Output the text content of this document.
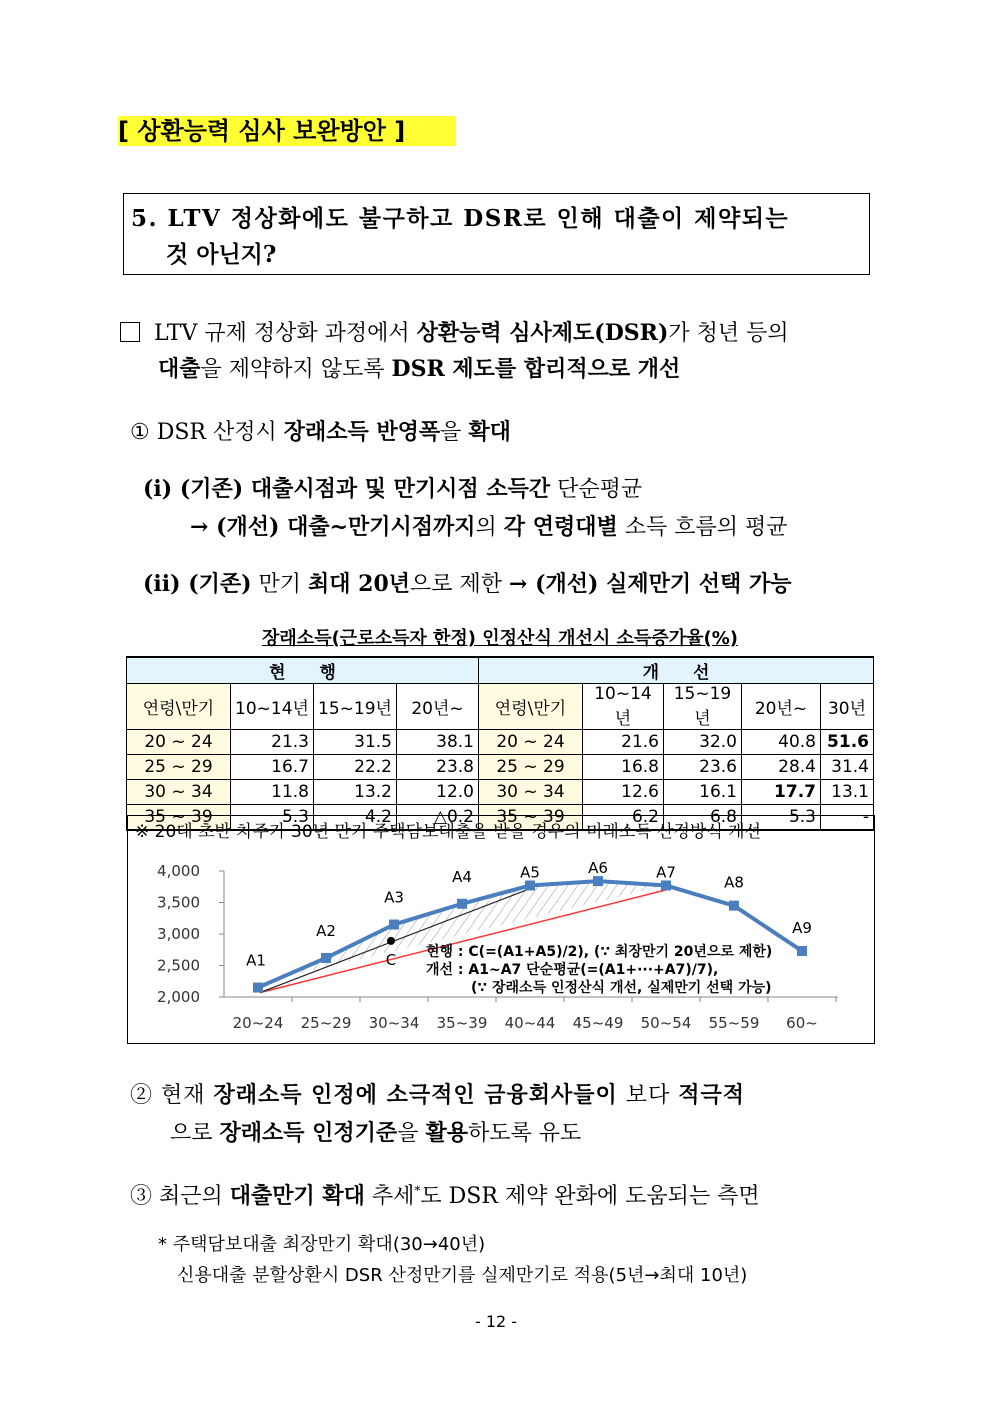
[ 상환능력 심사 보완방안 ]
5. LTV 정상화에도 불구하고 DSR로 인해 대출이 제약되는
것 아닌지?
LTV 규제 정상화 과정에서 상환능력 심사제도(DSR)가 청년 등의
대출을 제약하지 않도록 DSR 제도를 합리적으로 개선
① DSR 산정시 장래소득 반영폭을 확대
(i) (기존) 대출시점과 및 만기시점 소득간 단순평균
→ (개선) 대출~만기시점까지의 각 연령대별 소득 흐름의 평균
(ii) (기존) 만기 최대 20년으로 제한 → (개선) 실제만기 선택 가능
장래소득(근로소득자 한정) 인정산식 개선시 소득증가율(%)
현　　행				개　　선				
연령\만기	10~14년	15~19년	20년~	연령\만기	10~14년	15~19년	20년~	30년
20 ~ 24	21.3	31.5	38.1	20 ~ 24	21.6	32.0	40.8	51.6
25 ~ 29	16.7	22.2	23.8	25 ~ 29	16.8	23.6	28.4	31.4
30 ~ 34	11.8	13.2	12.0	30 ~ 34	12.6	16.1	17.7	13.1
35 ~ 39	5.3	4.2	△0.2	35 ~ 39	6.2	6.8	5.3	-
※ 20대 초반 차주가 30년 만기 주택담보대출을 받을 경우의 미래소득 산정방식 개선
4,000
3,500
3,000
2,500
2,000
20~24 25~29 30~34 35~39 40~44 45~49 50~54 55~59 60~
C
A1
A2
A3
A4	A5	A6	A7
A8
A9
현행 : C(=(A1+A5)/2), (∵ 최장만기 20년으로 제한)
개선 : A1~A7 단순평균(=(A1+···+A7)/7),
(∵ 장래소득 인정산식 개선, 실제만기 선택 가능)
② 현재 장래소득 인정에 소극적인 금융회사들이 보다 적극적
으로 장래소득 인정기준을 활용하도록 유도
③ 최근의 대출만기 확대 추세*도 DSR 제약 완화에 도움되는 측면
* 주택담보대출 최장만기 확대(30→40년)
신용대출 분할상환시 DSR 산정만기를 실제만기로 적용(5년→최대 10년)
- 12 -
